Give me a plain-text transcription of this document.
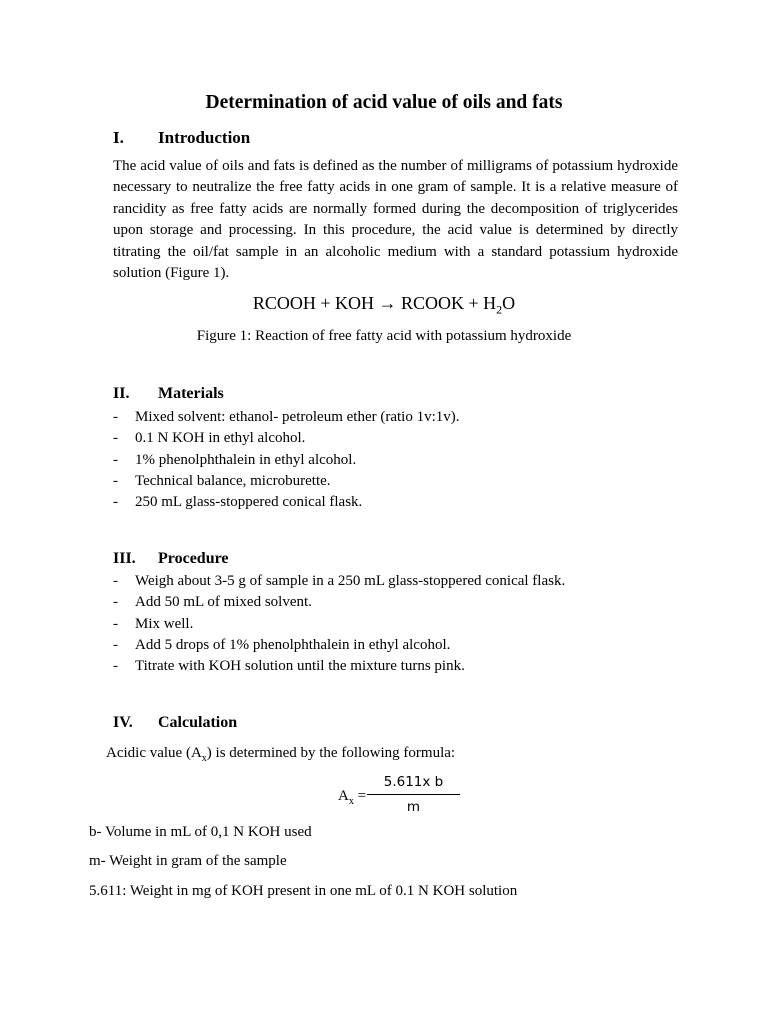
Determination of acid value of oils and fats
I. Introduction
The acid value of oils and fats is defined as the number of milligrams of potassium hydroxide necessary to neutralize the free fatty acids in one gram of sample. It is a relative measure of rancidity as free fatty acids are normally formed during the decomposition of triglycerides upon storage and processing. In this procedure, the acid value is determined by directly titrating the oil/fat sample in an alcoholic medium with a standard potassium hydroxide solution (Figure 1).
RCOOH + KOH → RCOOK + $H_2O$
Figure 1: Reaction of free fatty acid with potassium hydroxide
II. Materials
- Mixed solvent: ethanol- petroleum ether (ratio 1v:1v).
- 0.1 N KOH in ethyl alcohol.
- 1% phenolphthalein in ethyl alcohol.
- Technical balance, microburette.
- 250 mL glass-stoppered conical flask.
III. Procedure
- Weigh about 3-5 g of sample in a 250 mL glass-stoppered conical flask.
- Add 50 mL of mixed solvent.
- Mix well.
- Add 5 drops of 1% phenolphthalein in ethyl alcohol.
- Titrate with KOH solution until the mixture turns pink.
IV. Calculation
Acidic value $(A_x)$ is determined by the following formula:
$A_x$ =
5.611x b
m
b- Volume in mL of 0,1 N KOH used
m- Weight in gram of the sample
5.611: Weight in mg of KOH present in one mL of 0.1 N KOH solution
